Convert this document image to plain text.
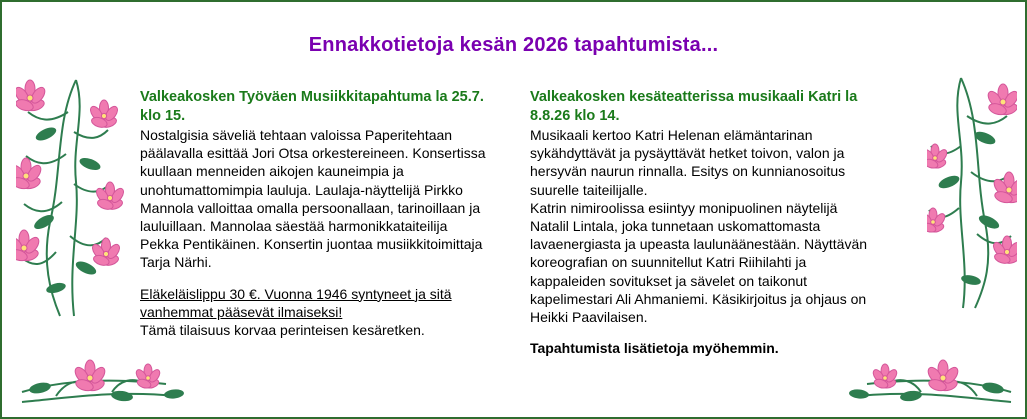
Ennakkotietoja kesän 2026 tapahtumista...
Valkeakosken Työväen Musiikkitapahtuma la 25.7. klo 15.

Nostalgisia säveliä tehtaan valoissa Paperitehtaan päälavalla esittää Jori Otsa orkestereineen. Konsertissa kuullaan menneiden aikojen kauneimpia ja unohtumattomimpia lauluja. Laulaja-näyttelijä Pirkko Mannola valloittaa omalla persoonallaan, tarinoillaan ja lauluillaan. Mannolaa säestää harmonikkataiteilija Pekka Pentikäinen. Konsertin juontaa musiikkitoimittaja Tarja Närhi.

Eläkeläislippu 30 €. Vuonna 1946 syntyneet ja sitä vanhemmat pääsevät ilmaiseksi!

Tämä tilaisuus korvaa perinteisen kesäretken.

Valkeakosken kesäteatterissa musikaali Katri la 8.8.26 klo 14.

Musikaali kertoo Katri Helenan elämäntarinan sykähdyttävät ja pysäyttävät hetket toivon, valon ja hersyvän naurun rinnalla. Esitys on kunnianosoitus suurelle taiteilijalle.

Katrin nimiroolissa esiintyy monipuolinen näytelijä Natalil Lintala, joka tunnetaan uskomattomasta lavaenergiasta ja upeasta laulunäänestään. Näyttävän koreografian on suunnitellut Katri Riihilahti ja kappaleiden sovitukset ja sävelet on taikonut kapelimestari Ali Ahmaniemi. Käsikirjoitus ja ohjaus on Heikki Paavilaisen.

Tapahtumista lisätietoja myöhemmin.
